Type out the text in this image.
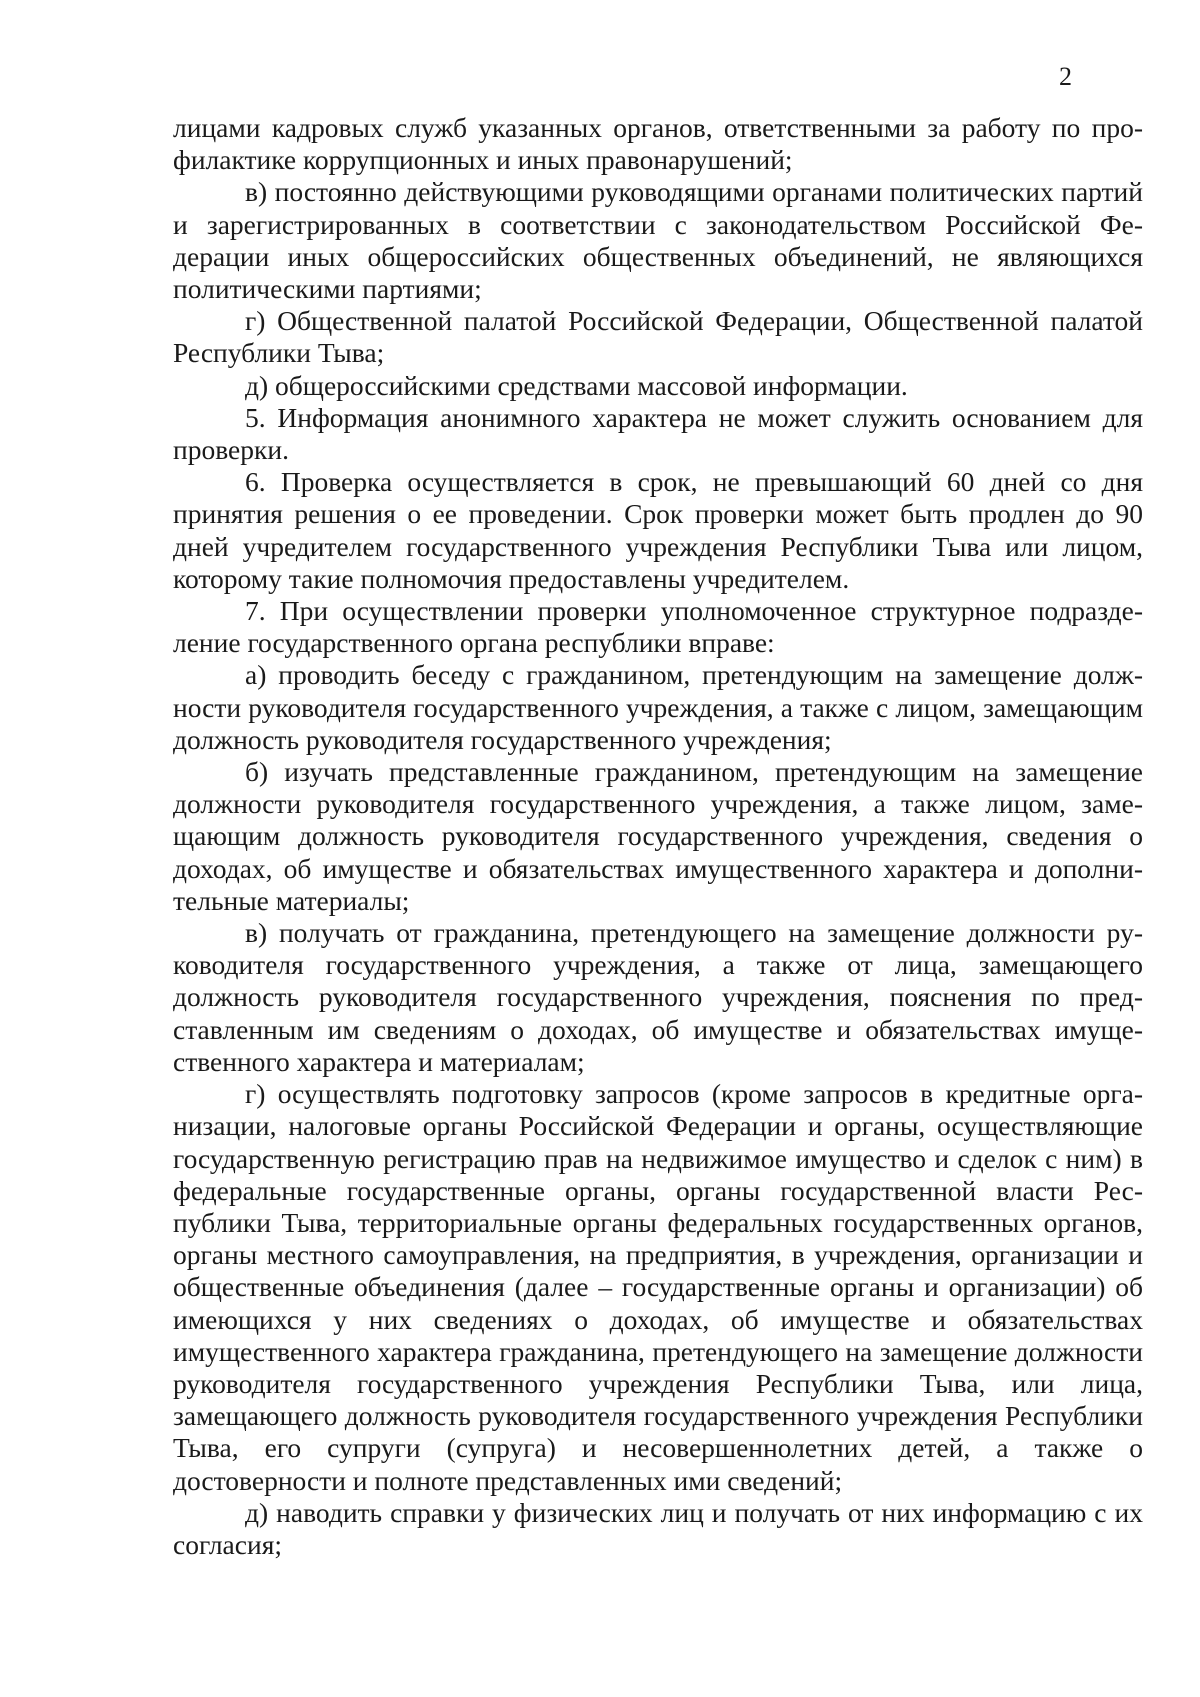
2

лицами кадровых служб указанных органов, ответственными за работу по профилактике коррупционных и иных правонарушений;

в) постоянно действующими руководящими органами политических партий и зарегистрированных в соответствии с законодательством Российской Федерации иных общероссийских общественных объединений, не являющихся политическими партиями;

г) Общественной палатой Российской Федерации, Общественной палатой Республики Тыва;

д) общероссийскими средствами массовой информации.

5. Информация анонимного характера не может служить основанием для проверки.

6. Проверка осуществляется в срок, не превышающий 60 дней со дня принятия решения о ее проведении. Срок проверки может быть продлен до 90 дней учредителем государственного учреждения Республики Тыва или лицом, которому такие полномочия предоставлены учредителем.

7. При осуществлении проверки уполномоченное структурное подразделение государственного органа республики вправе:

а) проводить беседу с гражданином, претендующим на замещение должности руководителя государственного учреждения, а также с лицом, замещающим должность руководителя государственного учреждения;

б) изучать представленные гражданином, претендующим на замещение должности руководителя государственного учреждения, а также лицом, замещающим должность руководителя государственного учреждения, сведения о доходах, об имуществе и обязательствах имущественного характера и дополнительные материалы;

в) получать от гражданина, претендующего на замещение должности руководителя государственного учреждения, а также от лица, замещающего должность руководителя государственного учреждения, пояснения по представленным им сведениям о доходах, об имуществе и обязательствах имущественного характера и материалам;

г) осуществлять подготовку запросов (кроме запросов в кредитные организации, налоговые органы Российской Федерации и органы, осуществляющие государственную регистрацию прав на недвижимое имущество и сделок с ним) в федеральные государственные органы, органы государственной власти Республики Тыва, территориальные органы федеральных государственных органов, органы местного самоуправления, на предприятия, в учреждения, организации и общественные объединения (далее – государственные органы и организации) об имеющихся у них сведениях о доходах, об имуществе и обязательствах имущественного характера гражданина, претендующего на замещение должности руководителя государственного учреждения Республики Тыва, или лица, замещающего должность руководителя государственного учреждения Республики Тыва, его супруги (супруга) и несовершеннолетних детей, а также о достоверности и полноте представленных ими сведений;

д) наводить справки у физических лиц и получать от них информацию с их согласия;
